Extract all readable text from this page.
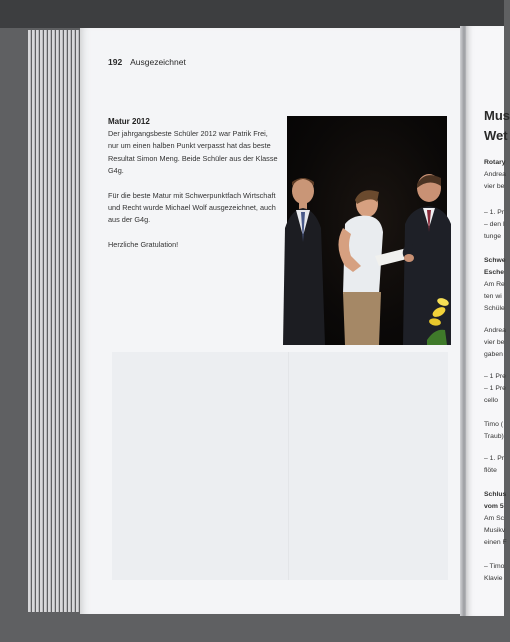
192 Ausgezeichnet
Matur 2012

Der jahrgangsbeste Schüler 2012 war Patrik Frei, nur um einen halben Punkt verpasst hat das beste Resultat Simon Meng. Beide Schüler aus der Klasse G4g.

Für die beste Matur mit Schwerpunktfach Wirtschaft und Recht wurde Michael Wolf ausgezeichnet, auch aus der G4g.

Herzliche Gratulation!

Mus
Wet
Rotary
Andrea
vier be
– 1. Pr
– den I
tunge
Schwe
Esche
Am Re
ten wi
Schüle
Andrea
vier be
gaben
– 1 Pre
– 1 Pre
cello
Timo (
Traub)
– 1. Pr
flöte
Schlus
vom 5
Am Sc
Musikv
einen F
– Timo
Klavie
